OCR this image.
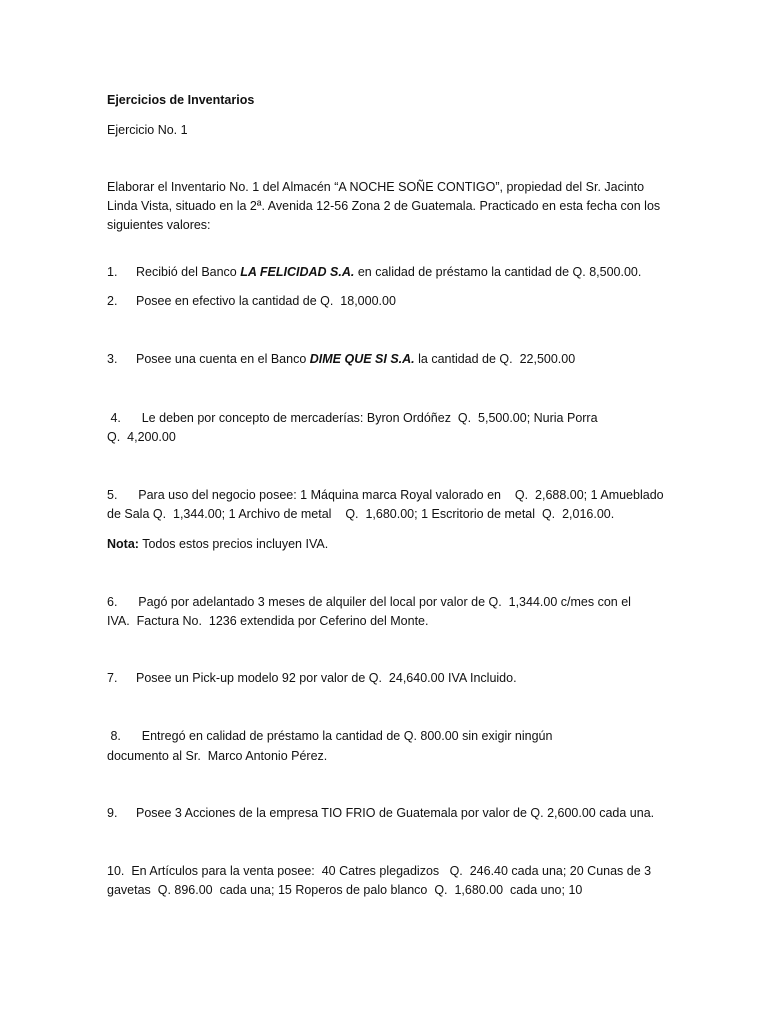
Ejercicios de Inventarios
Ejercicio No. 1
Elaborar el Inventario No. 1 del Almacén “A NOCHE SOÑE CONTIGO”, propiedad del Sr. Jacinto
Linda Vista, situado en la 2ª. Avenida 12-56 Zona 2 de Guatemala. Practicado en esta fecha con los
siguientes valores:
1. Recibió del Banco LA FELICIDAD S.A. en calidad de préstamo la cantidad de Q. 8,500.00.
2. Posee en efectivo la cantidad de Q.  18,000.00
3. Posee una cuenta en el Banco DIME QUE SI S.A. la cantidad de Q.  22,500.00
4.      Le deben por concepto de mercaderías: Byron Ordóñez  Q.  5,500.00; Nuria Porra
Q.  4,200.00
5.      Para uso del negocio posee: 1 Máquina marca Royal valorado en    Q.  2,688.00; 1 Amueblado
de Sala Q.  1,344.00; 1 Archivo de metal    Q.  1,680.00; 1 Escritorio de metal  Q.  2,016.00.
Nota: Todos estos precios incluyen IVA.
6.      Pagó por adelantado 3 meses de alquiler del local por valor de Q.  1,344.00 c/mes con el
IVA.  Factura No.  1236 extendida por Ceferino del Monte.
7. Posee un Pick-up modelo 92 por valor de Q.  24,640.00 IVA Incluido.
8.      Entregó en calidad de préstamo la cantidad de Q. 800.00 sin exigir ningún
documento al Sr.  Marco Antonio Pérez.
9. Posee 3 Acciones de la empresa TIO FRIO de Guatemala por valor de Q. 2,600.00 cada una.
10.  En Artículos para la venta posee:  40 Catres plegadizos   Q.  246.40 cada una; 20 Cunas de 3
gavetas  Q. 896.00  cada una; 15 Roperos de palo blanco  Q.  1,680.00  cada uno; 10
